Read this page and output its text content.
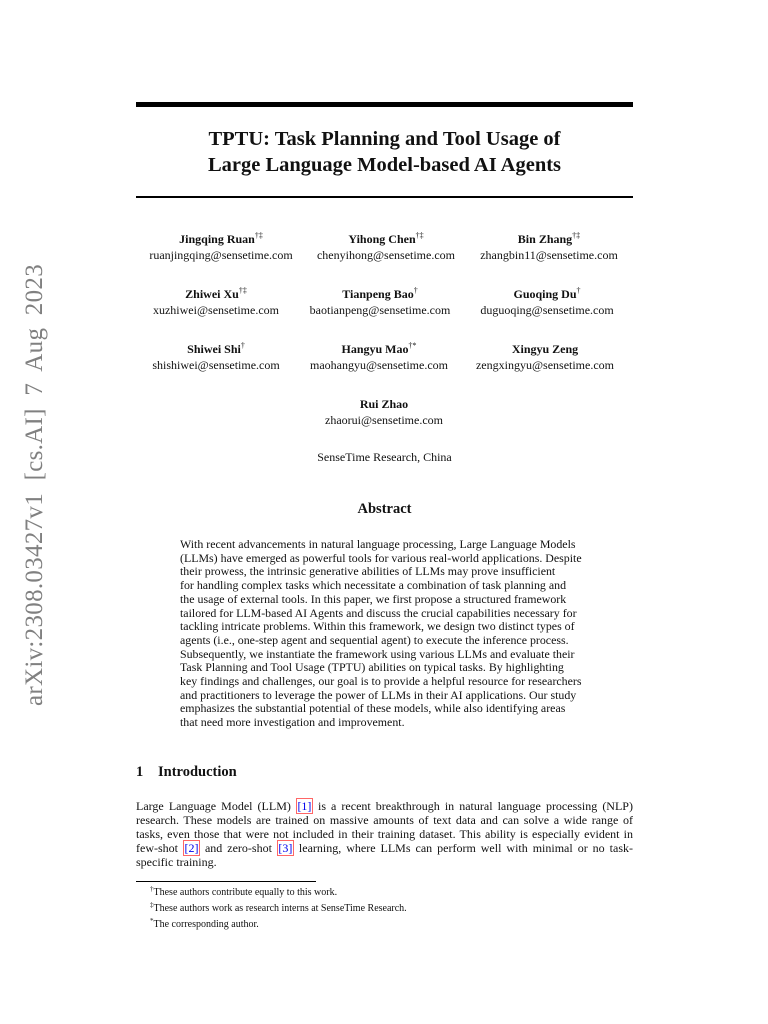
arXiv:2308.03427v1 [cs.AI] 7 Aug 2023
TPTU: Task Planning and Tool Usage of
Large Language Model-based AI Agents
Jingqing Ruan†‡
ruanjingqing@sensetime.com
Yihong Chen†‡
chenyihong@sensetime.com
Bin Zhang†‡
zhangbin11@sensetime.com
Zhiwei Xu†‡
xuzhiwei@sensetime.com
Tianpeng Bao†
baotianpeng@sensetime.com
Guoqing Du†
duguoqing@sensetime.com
Shiwei Shi†
shishiwei@sensetime.com
Hangyu Mao†*
maohangyu@sensetime.com
Xingyu Zeng
zengxingyu@sensetime.com
Rui Zhao
zhaorui@sensetime.com
SenseTime Research, China
Abstract
With recent advancements in natural language processing, Large Language Models
(LLMs) have emerged as powerful tools for various real-world applications. Despite
their prowess, the intrinsic generative abilities of LLMs may prove insufficient
for handling complex tasks which necessitate a combination of task planning and
the usage of external tools. In this paper, we first propose a structured framework
tailored for LLM-based AI Agents and discuss the crucial capabilities necessary for
tackling intricate problems. Within this framework, we design two distinct types of
agents (i.e., one-step agent and sequential agent) to execute the inference process.
Subsequently, we instantiate the framework using various LLMs and evaluate their
Task Planning and Tool Usage (TPTU) abilities on typical tasks. By highlighting
key findings and challenges, our goal is to provide a helpful resource for researchers
and practitioners to leverage the power of LLMs in their AI applications. Our study
emphasizes the substantial potential of these models, while also identifying areas
that need more investigation and improvement.
1 Introduction
Large Language Model (LLM) [1] is a recent breakthrough in natural language processing (NLP) research. These models are trained on massive amounts of text data and can solve a wide range of tasks, even those that were not included in their training dataset. This ability is especially evident in few-shot [2] and zero-shot [3] learning, where LLMs can perform well with minimal or no task-specific training.
†These authors contribute equally to this work.
‡These authors work as research interns at SenseTime Research.
*The corresponding author.
